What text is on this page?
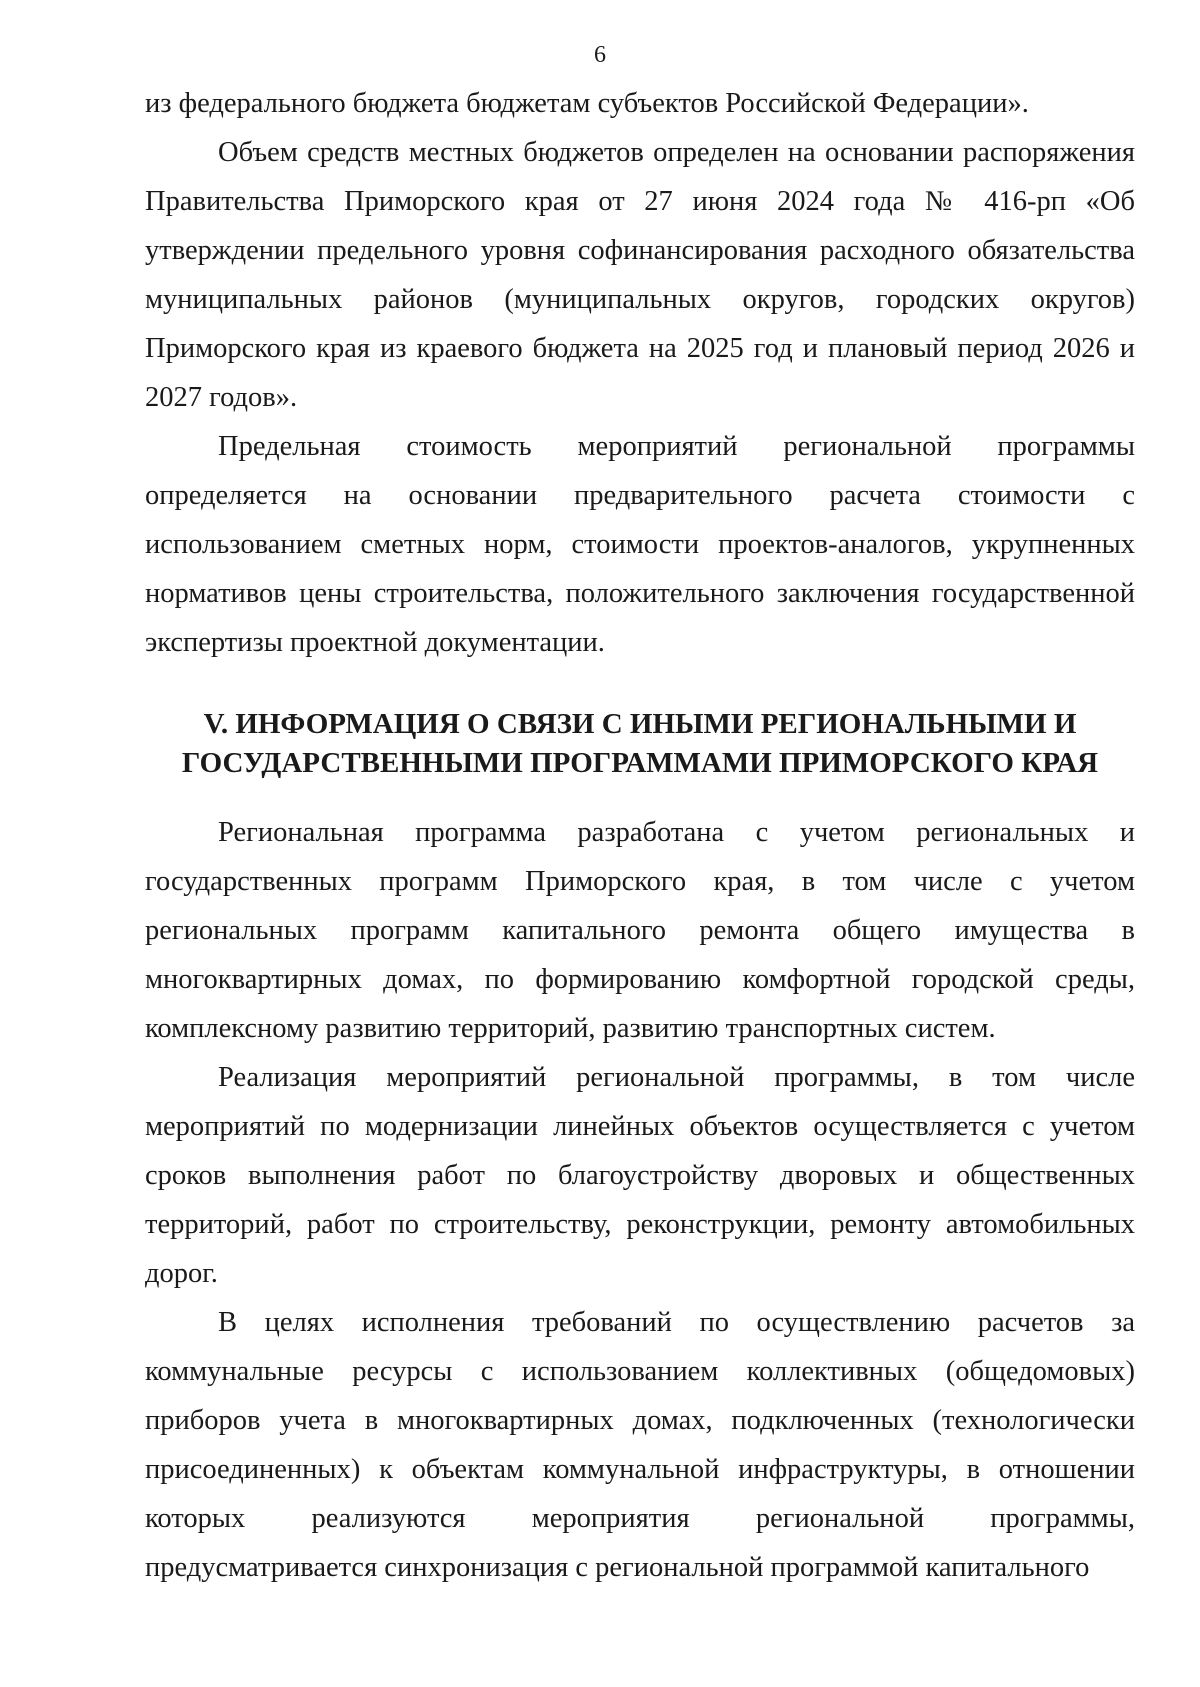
6

из федерального бюджета бюджетам субъектов Российской Федерации».

Объем средств местных бюджетов определен на основании распоряжения Правительства Приморского края от 27 июня 2024 года № 416-рп «Об утверждении предельного уровня софинансирования расходного обязательства муниципальных районов (муниципальных округов, городских округов) Приморского края из краевого бюджета на 2025 год и плановый период 2026 и 2027 годов».

Предельная стоимость мероприятий региональной программы определяется на основании предварительного расчета стоимости с использованием сметных норм, стоимости проектов-аналогов, укрупненных нормативов цены строительства, положительного заключения государственной экспертизы проектной документации.

V. ИНФОРМАЦИЯ О СВЯЗИ С ИНЫМИ РЕГИОНАЛЬНЫМИ И
ГОСУДАРСТВЕННЫМИ ПРОГРАММАМИ ПРИМОРСКОГО КРАЯ

Региональная программа разработана с учетом региональных и государственных программ Приморского края, в том числе с учетом региональных программ капитального ремонта общего имущества в многоквартирных домах, по формированию комфортной городской среды, комплексному развитию территорий, развитию транспортных систем.

Реализация мероприятий региональной программы, в том числе мероприятий по модернизации линейных объектов осуществляется с учетом сроков выполнения работ по благоустройству дворовых и общественных территорий, работ по строительству, реконструкции, ремонту автомобильных дорог.

В целях исполнения требований по осуществлению расчетов за коммунальные ресурсы с использованием коллективных (общедомовых) приборов учета в многоквартирных домах, подключенных (технологически присоединенных) к объектам коммунальной инфраструктуры, в отношении которых реализуются мероприятия региональной программы, предусматривается синхронизация с региональной программой капитального
